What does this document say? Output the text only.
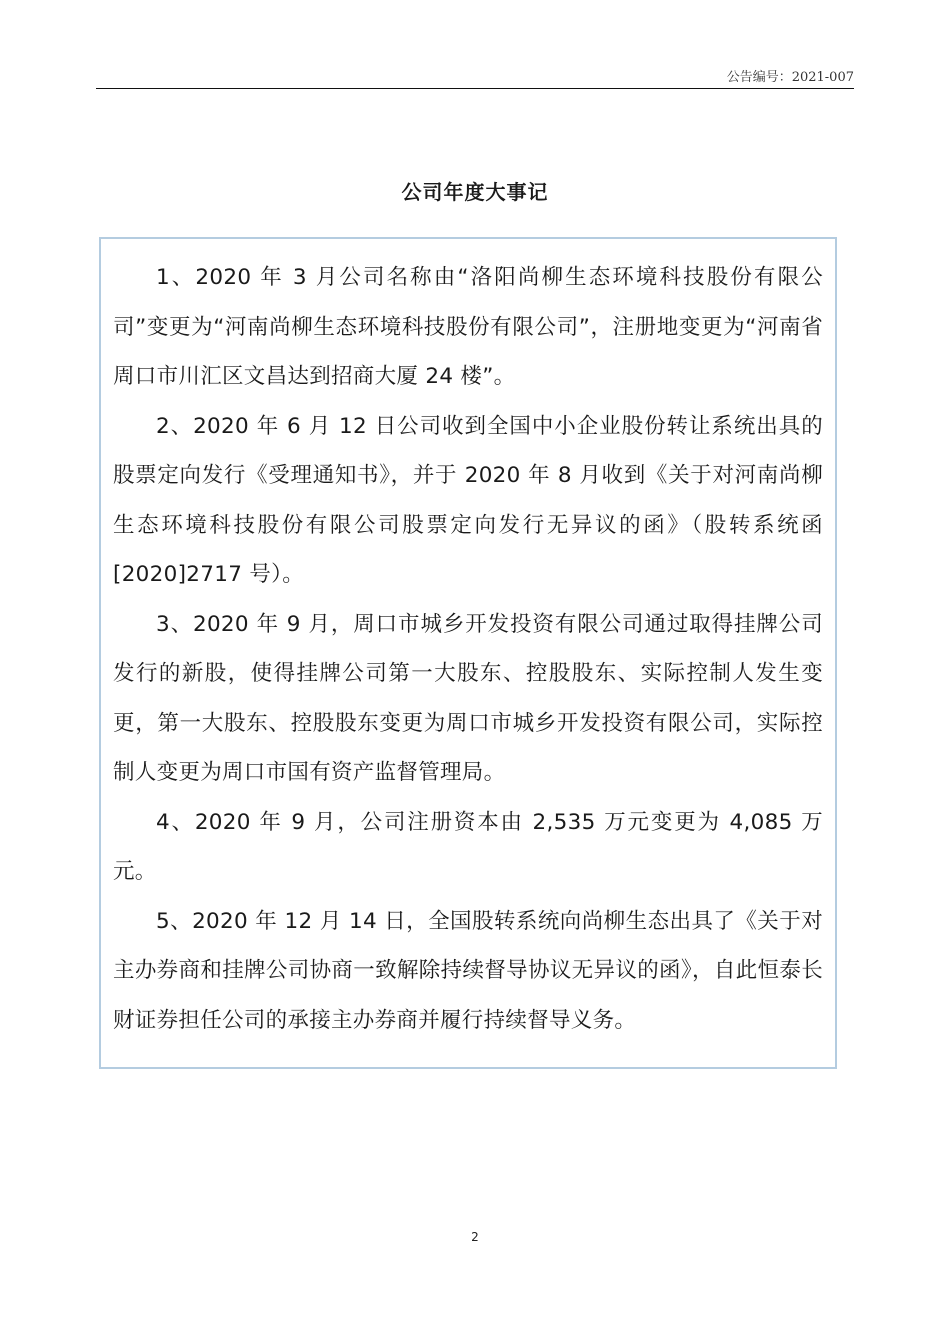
公告编号：2021-007
公司年度大事记

1、2020 年 3 月公司名称由“洛阳尚柳生态环境科技股份有限公司”变更为“河南尚柳生态环境科技股份有限公司”，注册地变更为“河南省周口市川汇区文昌达到招商大厦 24 楼”。

2、2020 年 6 月 12 日公司收到全国中小企业股份转让系统出具的股票定向发行《受理通知书》，并于 2020 年 8 月收到《关于对河南尚柳生态环境科技股份有限公司股票定向发行无异议的函》（股转系统函[2020]2717 号）。

3、2020 年 9 月，周口市城乡开发投资有限公司通过取得挂牌公司发行的新股，使得挂牌公司第一大股东、控股股东、实际控制人发生变更，第一大股东、控股股东变更为周口市城乡开发投资有限公司，实际控制人变更为周口市国有资产监督管理局。

4、2020 年 9 月，公司注册资本由 2,535 万元变更为 4,085 万元。

5、2020 年 12 月 14 日，全国股转系统向尚柳生态出具了《关于对主办券商和挂牌公司协商一致解除持续督导协议无异议的函》，自此恒泰长财证券担任公司的承接主办券商并履行持续督导义务。

2
